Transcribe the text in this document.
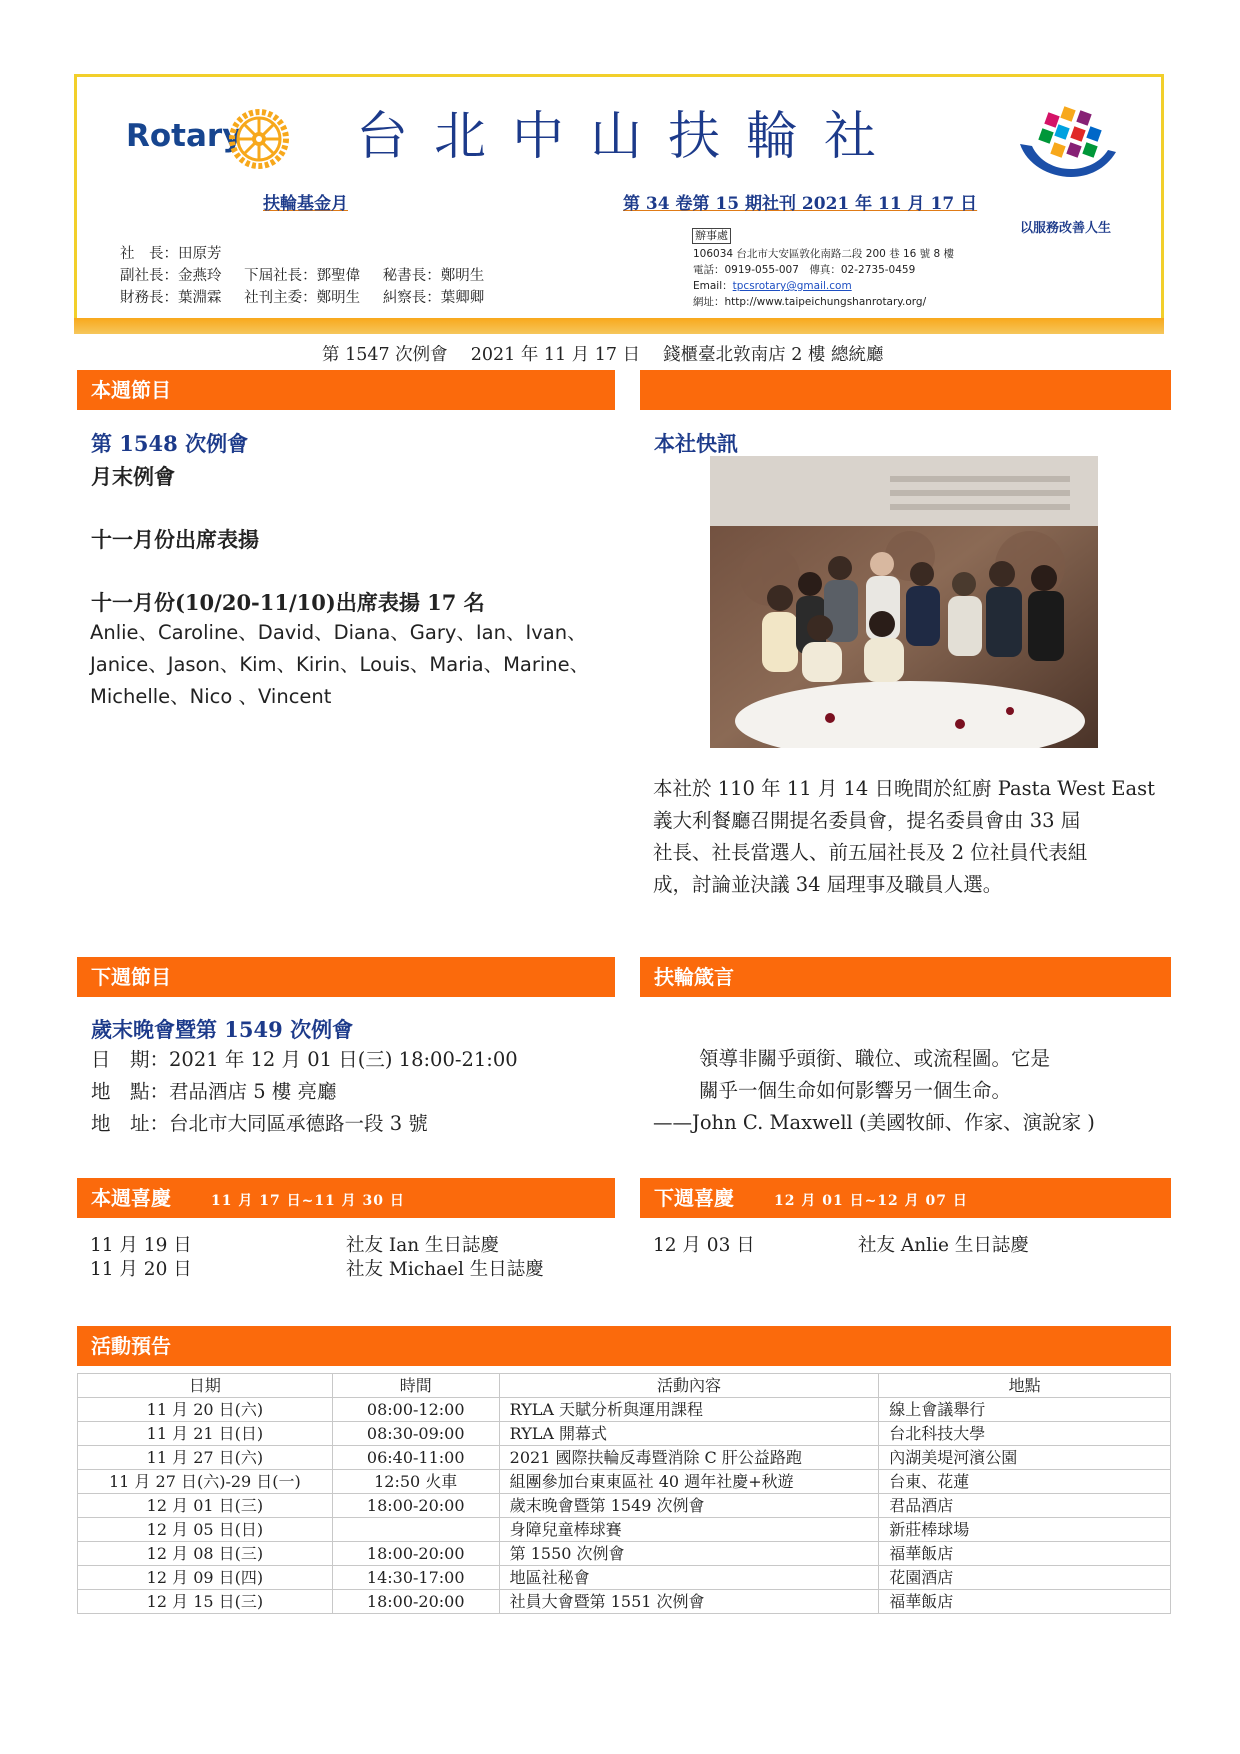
Rotary 台北中山扶輪社
扶輪基金月	第 34 卷第 15 期社刊 2021 年 11 月 17 日
社　長：田原芳
副社長：金燕玲 下屆社長：鄧聖偉 秘書長：鄭明生
財務長：葉淵霖 社刊主委：鄭明生 糾察長：葉卿卿
辦事處
106034 台北市大安區敦化南路二段 200 巷 16 號 8 樓
電話：0919-055-007　傳真：02-2735-0459
Email：tpcsrotary@gmail.com
網址：http://www.taipeichungshanrotary.org/
以服務改善人生
第 1547 次例會　 2021 年 11 月 17 日　 錢櫃臺北敦南店 2 樓 總統廳
本週節目
第 1548 次例會
月末例會
十一月份出席表揚
十一月份(10/20-11/10)出席表揚 17 名
Anlie、Caroline、David、Diana、Gary、Ian、Ivan、
Janice、Jason、Kim、Kirin、Louis、Maria、Marine、
Michelle、Nico 、Vincent
本社快訊
本社於 110 年 11 月 14 日晚間於紅廚 Pasta West East
義大利餐廳召開提名委員會，提名委員會由 33 屆
社長、社長當選人、前五屆社長及 2 位社員代表組
成，討論並決議 34 屆理事及職員人選。
下週節目	扶輪箴言
歲末晚會暨第 1549 次例會
日　期：2021 年 12 月 01 日(三) 18:00-21:00
地　點：君品酒店 5 樓 亮廳
地　址：台北市大同區承德路一段 3 號
領導非關乎頭銜、職位、或流程圖。它是
關乎一個生命如何影響另一個生命。
——John C. Maxwell (美國牧師、作家、演說家 )
本週喜慶	11 月 17 日~11 月 30 日	下週喜慶	12 月 01 日~12 月 07 日
11 月 19 日	社友 Ian 生日誌慶
11 月 20 日	社友 Michael 生日誌慶
12 月 03 日	社友 Anlie 生日誌慶
活動預告
日期	時間	活動內容	地點
11 月 20 日(六)	08:00-12:00	RYLA 天賦分析與運用課程	線上會議舉行
11 月 21 日(日)	08:30-09:00	RYLA 開幕式	台北科技大學
11 月 27 日(六)	06:40-11:00	2021 國際扶輪反毒暨消除 C 肝公益路跑	內湖美堤河濱公園
11 月 27 日(六)-29 日(一)	12:50 火車	組團參加台東東區社 40 週年社慶+秋遊	台東、花蓮
12 月 01 日(三)	18:00-20:00	歲末晚會暨第 1549 次例會	君品酒店
12 月 05 日(日)		身障兒童棒球賽	新莊棒球場
12 月 08 日(三)	18:00-20:00	第 1550 次例會	福華飯店
12 月 09 日(四)	14:30-17:00	地區社秘會	花園酒店
12 月 15 日(三)	18:00-20:00	社員大會暨第 1551 次例會	福華飯店
